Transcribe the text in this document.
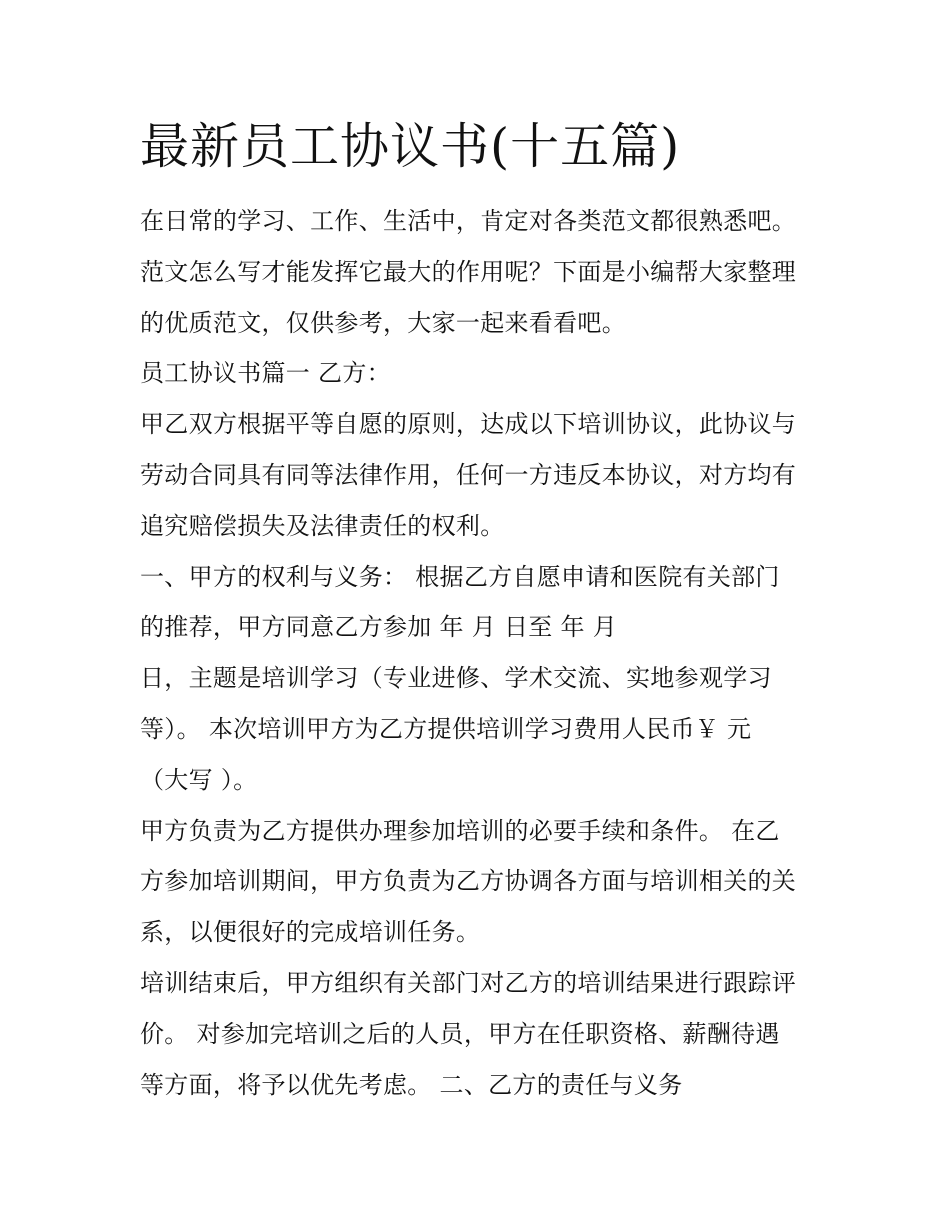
最新员工协议书(十五篇)
在日常的学习、工作、生活中，肯定对各类范文都很熟悉吧。
范文怎么写才能发挥它最大的作用呢？下面是小编帮大家整理
的优质范文，仅供参考，大家一起来看看吧。
员工协议书篇一 乙方：
甲乙双方根据平等自愿的原则，达成以下培训协议，此协议与
劳动合同具有同等法律作用，任何一方违反本协议，对方均有
追究赔偿损失及法律责任的权利。
一、甲方的权利与义务： 根据乙方自愿申请和医院有关部门
的推荐，甲方同意乙方参加 年 月 日至 年 月
日，主题是培训学习（专业进修、学术交流、实地参观学习
等）。 本次培训甲方为乙方提供培训学习费用人民币￥ 元
（大写 ）。
甲方负责为乙方提供办理参加培训的必要手续和条件。 在乙
方参加培训期间，甲方负责为乙方协调各方面与培训相关的关
系，以便很好的完成培训任务。
培训结束后，甲方组织有关部门对乙方的培训结果进行跟踪评
价。 对参加完培训之后的人员，甲方在任职资格、薪酬待遇
等方面，将予以优先考虑。 二、乙方的责任与义务
